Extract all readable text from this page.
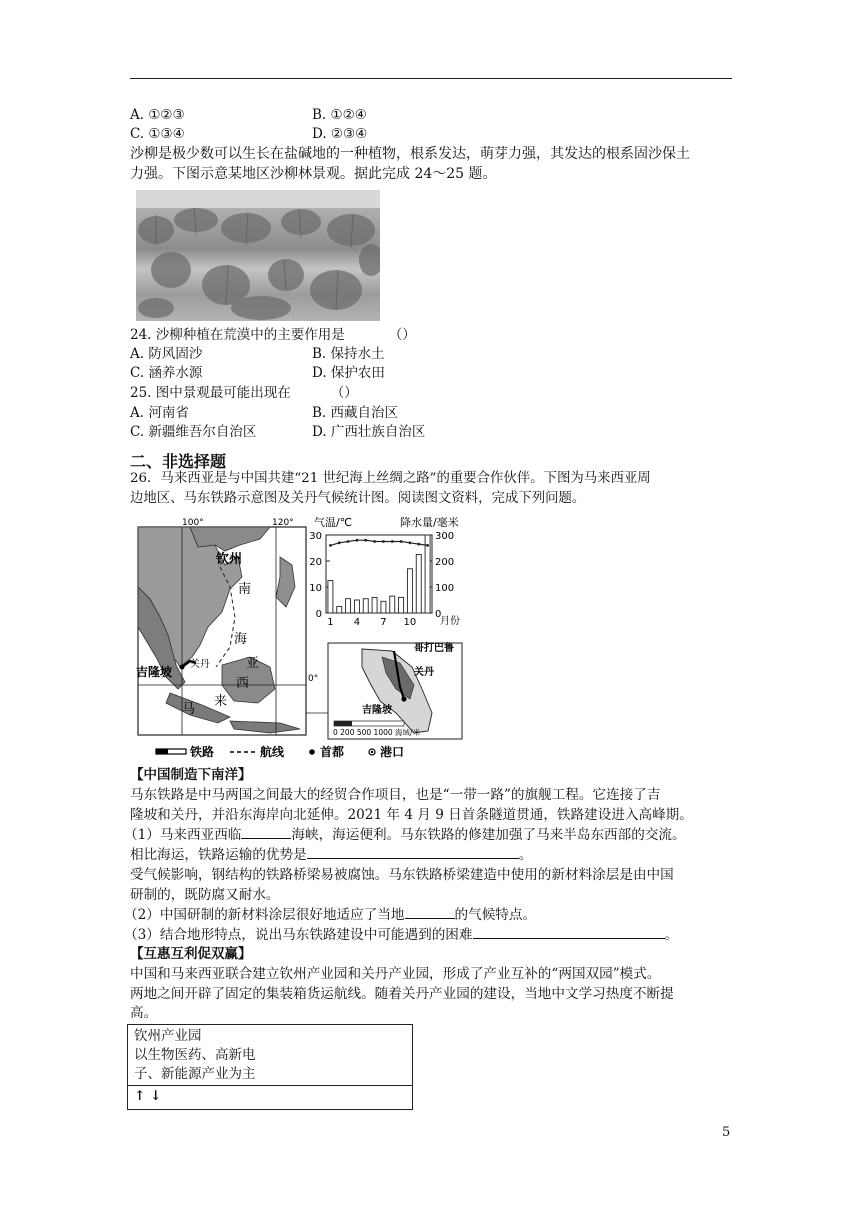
A. ①②③	B. ①②④
C. ①③④	D. ②③④
沙柳是极少数可以生长在盐碱地的一种植物，根系发达，萌芽力强，其发达的根系固沙保土
力强。下图示意某地区沙柳林景观。据此完成 24～25 题。
24. 沙柳种植在荒漠中的主要作用是	（）
A. 防风固沙	B. 保持水土
C. 涵养水源	D. 保护农田
25. 图中景观最可能出现在	（）
A. 河南省	B. 西藏自治区
C. 新疆维吾尔自治区	D. 广西壮族自治区
二、非选择题
26．马来西亚是与中国共建“21 世纪海上丝绸之路”的重要合作伙伴。下图为马来西亚周
边地区、马东铁路示意图及关丹气候统计图。阅读图文资料，完成下列问题。
100°	120°
0°
钦州
南
海
亚
西
来
马
吉隆坡
关丹
哥打巴鲁
关丹
吉隆坡
0 200 500 1000 海域/米
气温/℃	降水量/毫米
月份
0
10
20
30
0
100
200
300
1 4 7 10
铁路	航线	首都	港口
【中国制造下南洋】
马东铁路是中马两国之间最大的经贸合作项目，也是“一带一路”的旗舰工程。它连接了吉
隆坡和关丹，并沿东海岸向北延伸。2021 年 4 月 9 日首条隧道贯通，铁路建设进入高峰期。
（1）马来西亚西临	海峡，海运便利。马东铁路的修建加强了马来半岛东西部的交流。
相比海运，铁路运输的优势是	。
受气候影响，钢结构的铁路桥梁易被腐蚀。马东铁路桥梁建造中使用的新材料涂层是由中国
研制的，既防腐又耐水。
（2）中国研制的新材料涂层很好地适应了当地	的气候特点。
（3）结合地形特点，说出马东铁路建设中可能遇到的困难	。
【互惠互利促双赢】
中国和马来西亚联合建立钦州产业园和关丹产业园，形成了产业互补的“两国双园”模式。
两地之间开辟了固定的集装箱货运航线。随着关丹产业园的建设，当地中文学习热度不断提
高。
钦州产业园
以生物医药、高新电
子、新能源产业为主
↑ ↓
5
